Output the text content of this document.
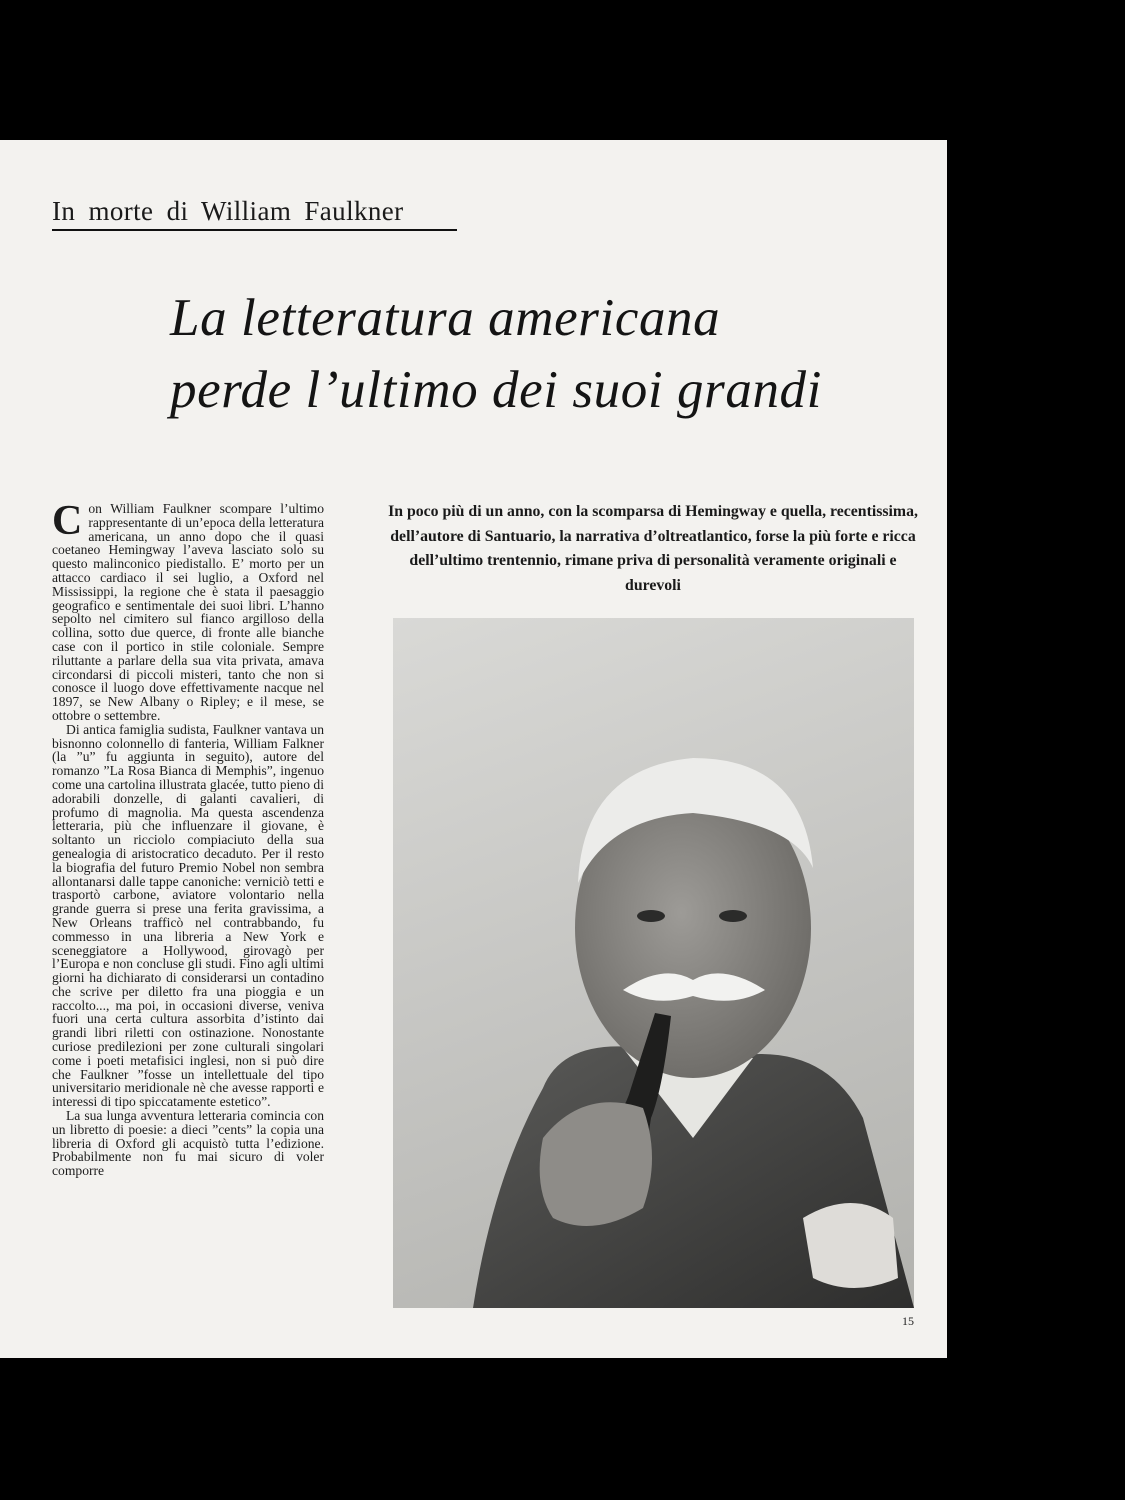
In morte di William Faulkner
La letteratura americana
perde l’ultimo dei suoi grandi

Con William Faulkner scompare l’ultimo rappresentante di un’epoca della letteratura americana, un anno dopo che il quasi coetaneo Hemingway l’aveva lasciato solo su questo malinconico piedistallo. E’ morto per un attacco cardiaco il sei luglio, a Oxford nel Mississippi, la regione che è stata il paesaggio geografico e sentimentale dei suoi libri. L’hanno sepolto nel cimitero sul fianco argilloso della collina, sotto due querce, di fronte alle bianche case con il portico in stile coloniale. Sempre riluttante a parlare della sua vita privata, amava circondarsi di piccoli misteri, tanto che non si conosce il luogo dove effettivamente nacque nel 1897, se New Albany o Ripley; e il mese, se ottobre o settembre.

Di antica famiglia sudista, Faulkner vantava un bisnonno colonnello di fanteria, William Falkner (la ”u” fu aggiunta in seguito), autore del romanzo ”La Rosa Bianca di Memphis”, ingenuo come una cartolina illustrata glacée, tutto pieno di adorabili donzelle, di galanti cavalieri, di profumo di magnolia. Ma questa ascendenza letteraria, più che influenzare il giovane, è soltanto un ricciolo compiaciuto della sua genealogia di aristocratico decaduto. Per il resto la biografia del futuro Premio Nobel non sembra allontanarsi dalle tappe canoniche: verniciò tetti e trasportò carbone, aviatore volontario nella grande guerra si prese una ferita gravissima, a New Orleans trafficò nel contrabbando, fu commesso in una libreria a New York e sceneggiatore a Hollywood, girovagò per l’Europa e non concluse gli studi. Fino agli ultimi giorni ha dichiarato di considerarsi un contadino che scrive per diletto fra una pioggia e un raccolto..., ma poi, in occasioni diverse, veniva fuori una certa cultura assorbita d’istinto dai grandi libri riletti con ostinazione. Nonostante curiose predilezioni per zone culturali singolari come i poeti metafisici inglesi, non si può dire che Faulkner ”fosse un intellettuale del tipo universitario meridionale nè che avesse rapporti e interessi di tipo spiccatamente estetico”.

La sua lunga avventura letteraria comincia con un libretto di poesie: a dieci ”cents” la copia una libreria di Oxford gli acquistò tutta l’edizione. Probabilmente non fu mai sicuro di voler comporre

In poco più di un anno, con la scomparsa di Hemingway e quella, recentissima, dell’autore di Santuario, la narrativa d’oltreatlantico, forse la più forte e ricca dell’ultimo trentennio, rimane priva di personalità veramente originali e durevoli

15
